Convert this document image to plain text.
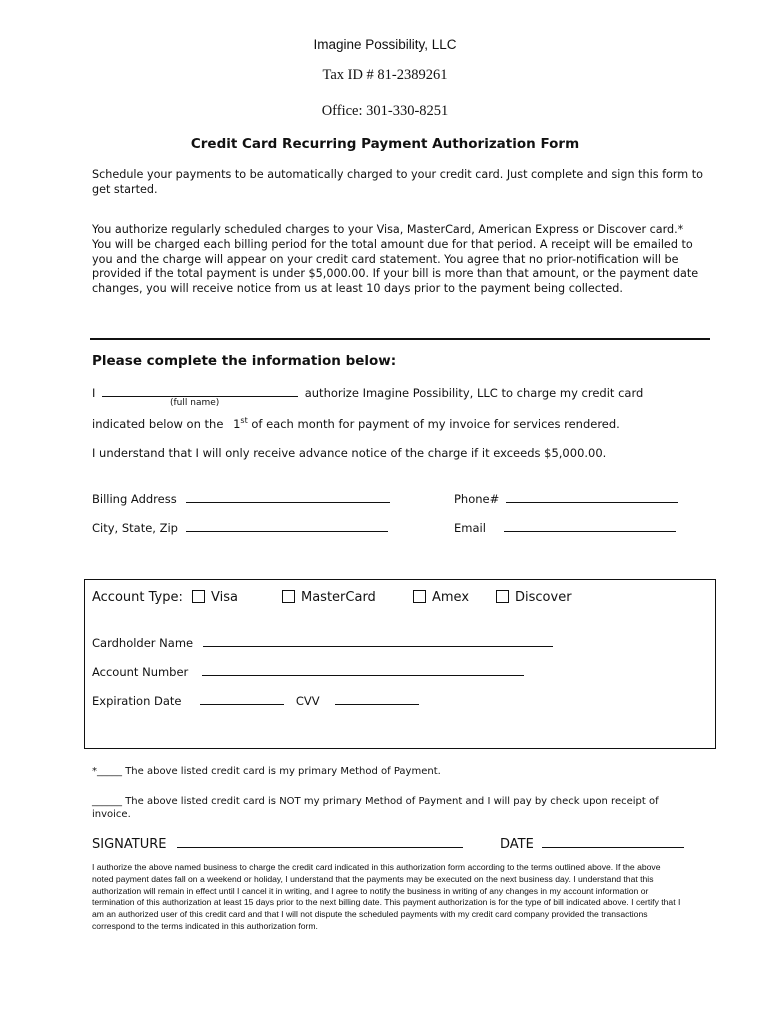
Imagine Possibility, LLC
Tax ID # 81-2389261
Office: 301-330-8251
Credit Card Recurring Payment Authorization Form

Schedule your payments to be automatically charged to your credit card. Just complete and sign this form to get started.

You authorize regularly scheduled charges to your Visa, MasterCard, American Express or Discover card.* You will be charged each billing period for the total amount due for that period. A receipt will be emailed to you and the charge will appear on your credit card statement. You agree that no prior-notification will be provided if the total payment is under $5,000.00. If your bill is more than that amount, or the payment date changes, you will receive notice from us at least 10 days prior to the payment being collected.

Please complete the information below:
I	authorize Imagine Possibility, LLC to charge my credit card
(full name)
indicated below on the 1st of each month for payment of my invoice for services rendered.
I understand that I will only receive advance notice of the charge if it exceeds $5,000.00.
Billing Address	Phone#
City, State, Zip	Email
Account Type:	Visa	MasterCard	Amex	Discover
Cardholder Name
Account Number
Expiration Date	CVV
*_____ The above listed credit card is my primary Method of Payment.

______ The above listed credit card is NOT my primary Method of Payment and I will pay by check upon receipt of invoice.

SIGNATURE	DATE

I authorize the above named business to charge the credit card indicated in this authorization form according to the terms outlined above. If the above noted payment dates fall on a weekend or holiday, I understand that the payments may be executed on the next business day. I understand that this authorization will remain in effect until I cancel it in writing, and I agree to notify the business in writing of any changes in my account information or termination of this authorization at least 15 days prior to the next billing date. This payment authorization is for the type of bill indicated above. I certify that I am an authorized user of this credit card and that I will not dispute the scheduled payments with my credit card company provided the transactions correspond to the terms indicated in this authorization form.
